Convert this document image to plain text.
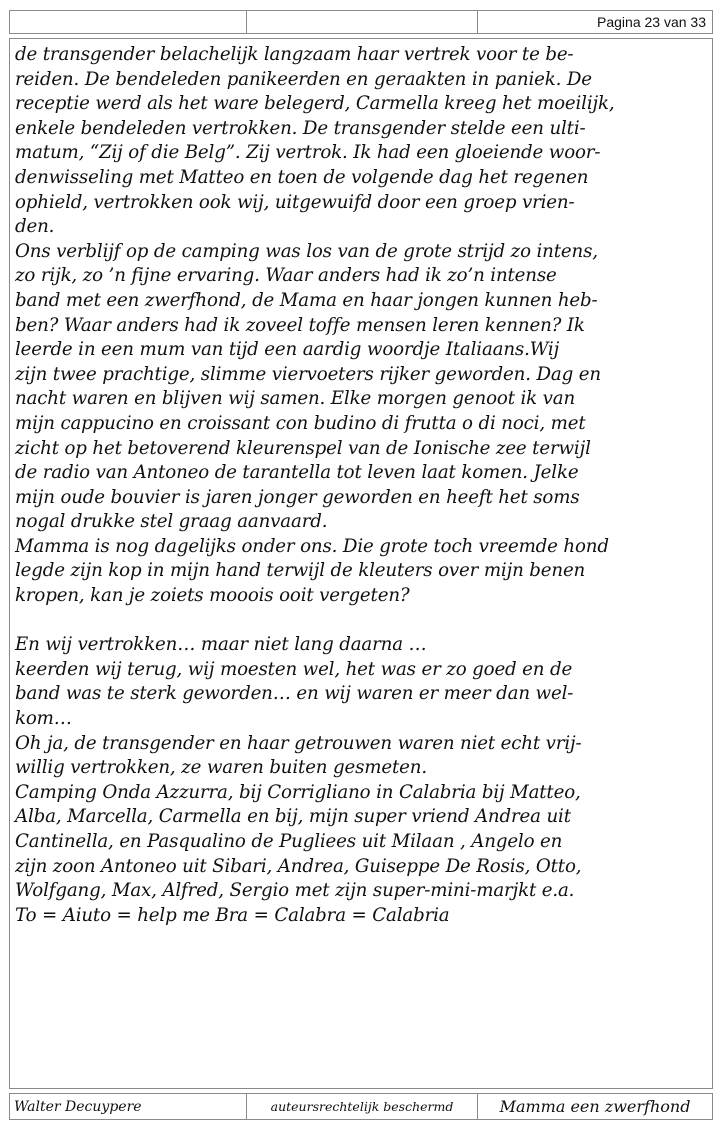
Pagina 23 van 33
de transgender belachelijk langzaam haar vertrek voor te be-
reiden. De bendeleden panikeerden en geraakten in paniek. De
receptie werd als het ware belegerd, Carmella kreeg het moeilijk,
enkele bendeleden vertrokken. De transgender stelde een ulti-
matum, “Zij of die Belg”. Zij vertrok. Ik had een gloeiende woor-
denwisseling met Matteo en toen de volgende dag het regenen
ophield, vertrokken ook wij, uitgewuifd door een groep vrien-
den.
Ons verblijf op de camping was los van de grote strijd zo intens,
zo rijk, zo ’n fijne ervaring. Waar anders had ik zo’n intense
band met een zwerfhond, de Mama en haar jongen kunnen heb-
ben? Waar anders had ik zoveel toffe mensen leren kennen? Ik
leerde in een mum van tijd een aardig woordje Italiaans.Wij
zijn twee prachtige, slimme viervoeters rijker geworden. Dag en
nacht waren en blijven wij samen. Elke morgen genoot ik van
mijn cappucino en croissant con budino di frutta o di noci, met
zicht op het betoverend kleurenspel van de Ionische zee terwijl
de radio van Antoneo de tarantella tot leven laat komen. Jelke
mijn oude bouvier is jaren jonger geworden en heeft het soms
nogal drukke stel graag aanvaard.
Mamma is nog dagelijks onder ons. Die grote toch vreemde hond
legde zijn kop in mijn hand terwijl de kleuters over mijn benen
kropen, kan je zoiets mooois ooit vergeten?
En wij vertrokken… maar niet lang daarna …
keerden wij terug, wij moesten wel, het was er zo goed en de
band was te sterk geworden… en wij waren er meer dan wel-
kom…
Oh ja, de transgender en haar getrouwen waren niet echt vrij-
willig vertrokken, ze waren buiten gesmeten.
Camping Onda Azzurra, bij Corrigliano in Calabria bij Matteo,
Alba, Marcella, Carmella en bij, mijn super vriend Andrea uit
Cantinella, en Pasqualino de Pugliees uit Milaan , Angelo en
zijn zoon Antoneo uit Sibari, Andrea, Guiseppe De Rosis, Otto,
Wolfgang, Max, Alfred, Sergio met zijn super-mini-marjkt e.a.
To = Aiuto = help me Bra = Calabra = Calabria
Walter Decuypere	auteursrechtelijk beschermd	Mamma een zwerfhond
